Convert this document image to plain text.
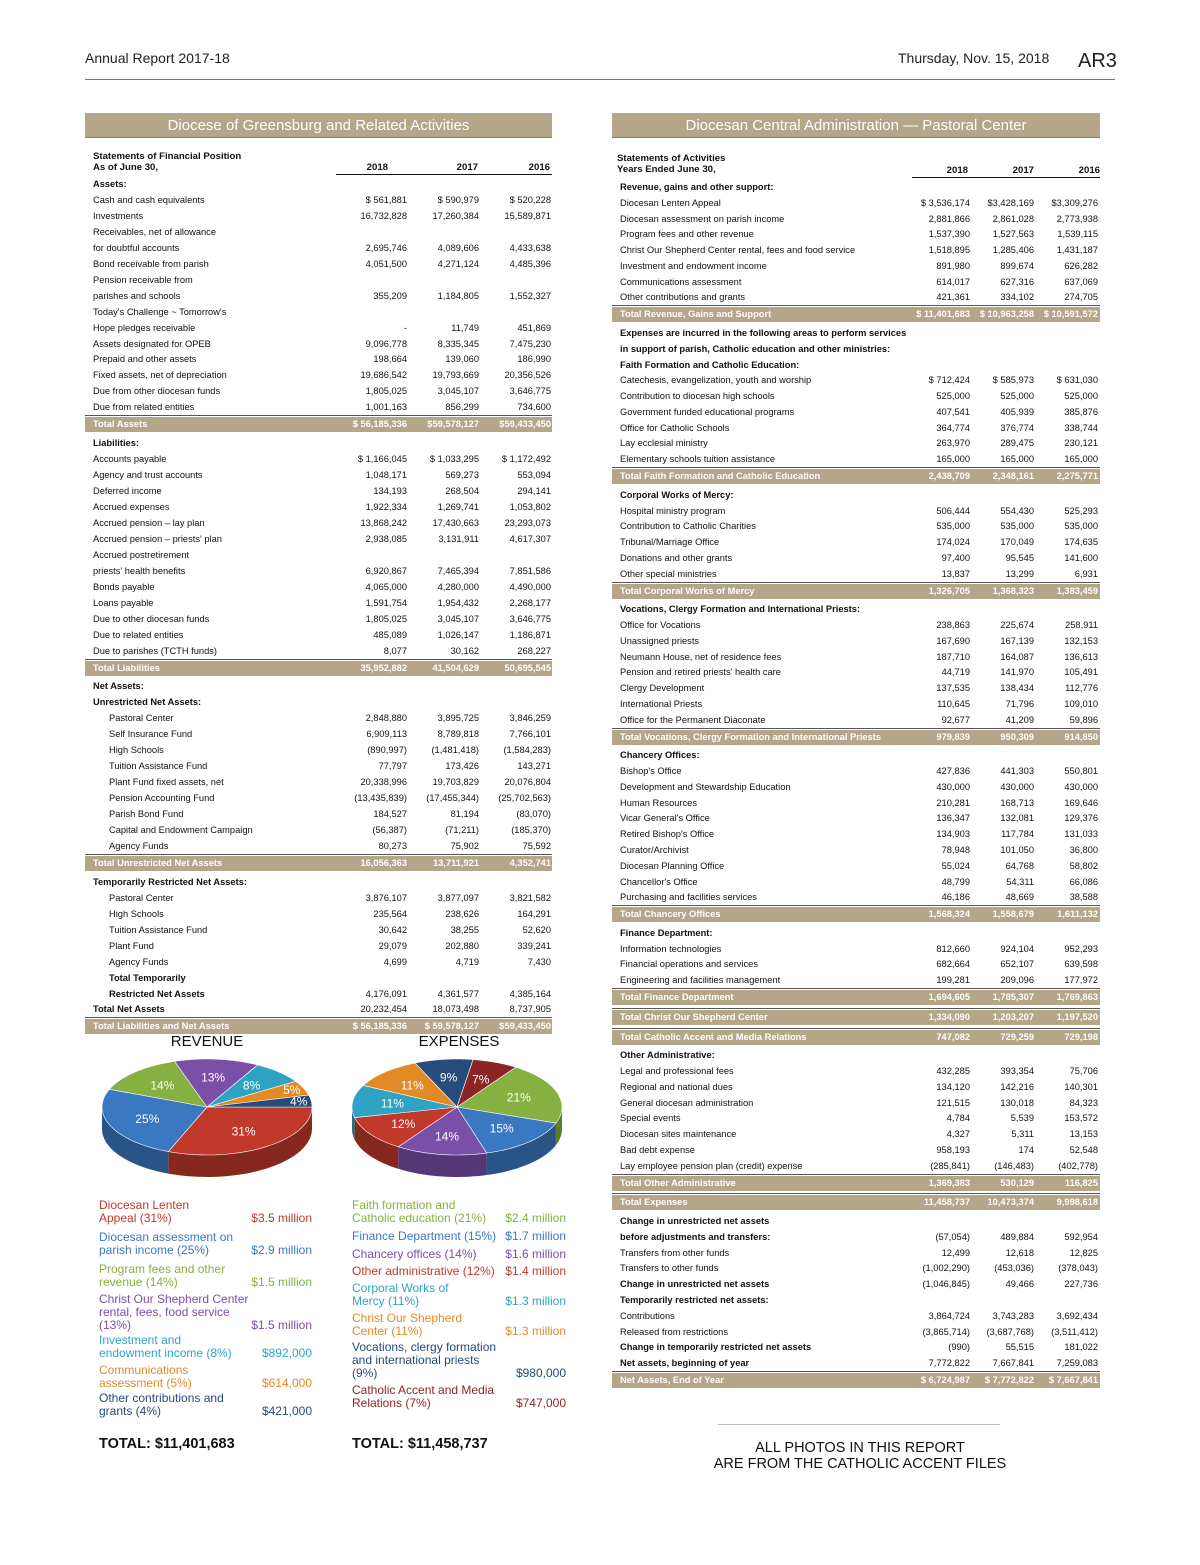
Annual Report 2017-18	Thursday, Nov. 15, 2018 AR3
Diocese of Greensburg and Related Activities
Statements of Financial Position
As of June 30,	2018	2017	2016
Assets:
Cash and cash equivalents	$ 561,881	$ 590,979	$ 520,228
Investments	16,732,828	17,260,384	15,589,871
Receivables, net of allowance
for doubtful accounts	2,695,746	4,089,606	4,433,638
Bond receivable from parish	4,051,500	4,271,124	4,485,396
Pension receivable from
parishes and schools	355,209	1,184,805	1,552,327
Today's Challenge ~ Tomorrow's
Hope pledges receivable	-	11,749	451,869
Assets designated for OPEB	9,096,778	8,335,345	7,475,230
Prepaid and other assets	198,664	139,060	186,990
Fixed assets, net of depreciation	19,686,542	19,793,669	20,356,526
Due from other diocesan funds	1,805,025	3,045,107	3,646,775
Due from related entities	1,001,163	856,299	734,600
Total Assets	$ 56,185,336	$59,578,127	$59,433,450
Liabilities:
Accounts payable	$ 1,166,045	$ 1,033,295	$ 1,172,492
Agency and trust accounts	1,048,171	569,273	553,094
Deferred income	134,193	268,504	294,141
Accrued expenses	1,922,334	1,269,741	1,053,802
Accrued pension – lay plan	13,868,242	17,430,663	23,293,073
Accrued pension – priests' plan	2,938,085	3,131,911	4,617,307
Accrued postretirement
priests' health benefits	6,920,867	7,465,394	7,851,586
Bonds payable	4,065,000	4,280,000	4,490,000
Loans payable	1,591,754	1,954,432	2,268,177
Due to other diocesan funds	1,805,025	3,045,107	3,646,775
Due to related entities	485,089	1,026,147	1,186,871
Due to parishes (TCTH funds)	8,077	30,162	268,227
Total Liabilities	35,952,882	41,504,629	50,695,545
Net Assets:
Unrestricted Net Assets:
Pastoral Center	2,848,880	3,895,725	3,846,259
Self Insurance Fund	6,909,113	8,789,818	7,766,101
High Schools	(890,997)	(1,481,418)	(1,584,283)
Tuition Assistance Fund	77,797	173,426	143,271
Plant Fund fixed assets, net	20,338,996	19,703,829	20,076,804
Pension Accounting Fund	(13,435,839)	(17,455,344)	(25,702,563)
Parish Bond Fund	184,527	81,194	(83,070)
Capital and Endowment Campaign	(56,387)	(71,211)	(185,370)
Agency Funds	80,273	75,902	75,592
Total Unrestricted Net Assets	16,056,363	13,711,921	4,352,741
Temporarily Restricted Net Assets:
Pastoral Center	3,876,107	3,877,097	3,821,582
High Schools	235,564	238,626	164,291
Tuition Assistance Fund	30,642	38,255	52,620
Plant Fund	29,079	202,880	339,241
Agency Funds	4,699	4,719	7,430
Total Temporarily
Restricted Net Assets	4,176,091	4,361,577	4,385,164
Total Net Assets	20,232,454	18,073,498	8,737,905
Total Liabilities and Net Assets	$ 56,185,336	$ 59,578,127	$59,433,450
Diocesan Central Administration — Pastoral Center
Statements of Activities
Years Ended June 30,	2018	2017	2016
Revenue, gains and other support:
Diocesan Lenten Appeal	$ 3,536,174	$3,428,169	$3,309,276
Diocesan assessment on parish income	2,881,866	2,861,028	2,773,938
Program fees and other revenue	1,537,390	1,527,563	1,539,115
Christ Our Shepherd Center rental, fees and food service	1,518,895	1,285,406	1,431,187
Investment and endowment income	891,980	899,674	626,282
Communications assessment	614,017	627,316	637,069
Other contributions and grants	421,361	334,102	274,705
Total Revenue, Gains and Support	$ 11,401,683	$ 10,963,258	$ 10,591,572
Expenses are incurred in the following areas to perform services
in support of parish, Catholic education and other ministries:
Faith Formation and Catholic Education:
Catechesis, evangelization, youth and worship	$ 712,424	$ 585,973	$ 631,030
Contribution to diocesan high schools	525,000	525,000	525,000
Government funded educational programs	407,541	405,939	385,876
Office for Catholic Schools	364,774	376,774	338,744
Lay ecclesial ministry	263,970	289,475	230,121
Elementary schools tuition assistance	165,000	165,000	165,000
Total Faith Formation and Catholic Education	2,438,709	2,348,161	2,275,771
Corporal Works of Mercy:
Hospital ministry program	506,444	554,430	525,293
Contribution to Catholic Charities	535,000	535,000	535,000
Tribunal/Marriage Office	174,024	170,049	174,635
Donations and other grants	97,400	95,545	141,600
Other special ministries	13,837	13,299	6,931
Total Corporal Works of Mercy	1,326,705	1,368,323	1,383,459
Vocations, Clergy Formation and International Priests:
Office for Vocations	238,863	225,674	258,911
Unassigned priests	167,690	167,139	132,153
Neumann House, net of residence fees	187,710	164,087	136,613
Pension and retired priests' health care	44,719	141,970	105,491
Clergy Development	137,535	138,434	112,776
International Priests	110,645	71,796	109,010
Office for the Permanent Diaconate	92,677	41,209	59,896
Total Vocations, Clergy Formation and International Priests	979,839	950,309	914,850
Chancery Offices:
Bishop's Office	427,836	441,303	550,801
Development and Stewardship Education	430,000	430,000	430,000
Human Resources	210,281	168,713	169,646
Vicar General's Office	136,347	132,081	129,376
Retired Bishop's Office	134,903	117,784	131,033
Curator/Archivist	78,948	101,050	36,800
Diocesan Planning Office	55,024	64,768	58,802
Chancellor's Office	48,799	54,311	66,086
Purchasing and facilities services	46,186	48,669	38,588
Total Chancery Offices	1,568,324	1,558,679	1,611,132
Finance Department:
Information technologies	812,660	924,104	952,293
Financial operations and services	682,664	652,107	639,598
Engineering and facilities management	199,281	209,096	177,972
Total Finance Department	1,694,605	1,785,307	1,769,863
Total Christ Our Shepherd Center	1,334,090	1,203,207	1,197,520
Total Catholic Accent and Media Relations	747,082	729,259	729,198
Other Administrative:
Legal and professional fees	432,285	393,354	75,706
Regional and national dues	134,120	142,216	140,301
General diocesan administration	121,515	130,018	84,323
Special events	4,784	5,539	153,572
Diocesan sites maintenance	4,327	5,311	13,153
Bad debt expense	958,193	174	52,548
Lay employee pension plan (credit) expense	(285,841)	(146,483)	(402,778)
Total Other Administrative	1,369,383	530,129	116,825
Total Expenses	11,458,737	10,473,374	9,998,618
Change in unrestricted net assets
before adjustments and transfers:	(57,054)	489,884	592,954
Transfers from other funds	12,499	12,618	12,825
Transfers to other funds	(1,002,290)	(453,036)	(378,043)
Change in unrestricted net assets	(1,046,845)	49,466	227,736
Temporarily restricted net assets:
Contributions	3,864,724	3,743,283	3,692,434
Released from restrictions	(3,865,714)	(3,687,768)	(3,511,412)
Change in temporarily restricted net assets	(990)	55,515	181,022
Net assets, beginning of year	7,772,822	7,667,841	7,259,083
Net Assets, End of Year	$ 6,724,987	$ 7,772,822	$ 7,667,841
REVENUE
31%
25%
14%
13%
8% 5%
4%
EXPENSES
21%
15%
14%
12%
11%
11%
9% 7%
Diocesan Lenten Appeal (31%)	$3.5 million
Diocesan assessment on parish income (25%)	$2.9 million
Program fees and other revenue (14%)	$1.5 million
Christ Our Shepherd Center rental, fees, food service (13%)	$1.5 million
Investment and endowment income (8%)	$892,000
Communications assessment (5%)	$614,000
Other contributions and grants (4%)	$421,000
Faith formation and Catholic education (21%)	$2.4 million
Finance Department (15%) $1.7 million
Chancery offices (14%)	$1.6 million
Other administrative (12%) $1.4 million
Corporal Works of Mercy (11%)	$1.3 million
Christ Our Shepherd Center (11%)	$1.3 million
Vocations, clergy formation and international priests (9%)	$980,000
Catholic Accent and Media Relations (7%)	$747,000
TOTAL: $11,401,683	TOTAL: $11,458,737	ALL PHOTOS IN THIS REPORT
ARE FROM THE CATHOLIC ACCENT FILES
